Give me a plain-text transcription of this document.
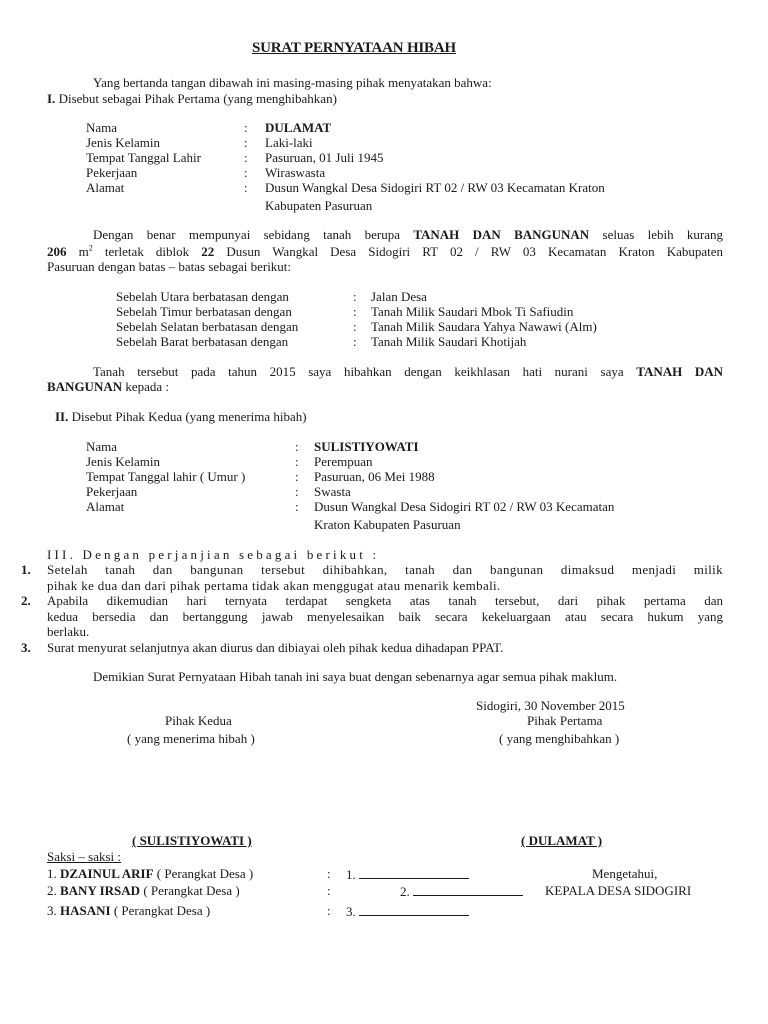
SURAT PERNYATAAN HIBAH
Yang bertanda tangan dibawah ini masing-masing pihak menyatakan bahwa:
I. Disebut sebagai Pihak Pertama (yang menghibahkan)
Nama	: DULAMAT
Jenis Kelamin	: Laki-laki
Tempat Tanggal Lahir	: Pasuruan, 01 Juli 1945
Pekerjaan	: Wiraswasta
Alamat	: Dusun Wangkal Desa Sidogiri RT 02 / RW 03 Kecamatan Kraton
Kabupaten Pasuruan
Dengan benar mempunyai sebidang tanah berupa TANAH DAN BANGUNAN seluas lebih kurang
206 $m^2$ terletak diblok 22 Dusun Wangkal Desa Sidogiri RT 02 / RW 03 Kecamatan Kraton Kabupaten
Pasuruan dengan batas – batas sebagai berikut:
Sebelah Utara berbatasan dengan	: Jalan Desa
Sebelah Timur berbatasan dengan	: Tanah Milik Saudari Mbok Ti Safiudin
Sebelah Selatan berbatasan dengan	: Tanah Milik Saudara Yahya Nawawi (Alm)
Sebelah Barat berbatasan dengan	: Tanah Milik Saudari Khotijah
Tanah tersebut pada tahun 2015 saya hibahkan dengan keikhlasan hati nurani saya TANAH DAN
BANGUNAN kepada :
II. Disebut Pihak Kedua (yang menerima hibah)
Nama	: SULISTIYOWATI
Jenis Kelamin	: Perempuan
Tempat Tanggal lahir ( Umur )	: Pasuruan, 06 Mei 1988
Pekerjaan	: Swasta
Alamat	: Dusun Wangkal Desa Sidogiri RT 02 / RW 03 Kecamatan
Kraton Kabupaten Pasuruan
III. Dengan perjanjian sebagai berikut :
1. Setelah tanah dan bangunan tersebut dihibahkan, tanah dan bangunan dimaksud menjadi milik
pihak ke dua dan dari pihak pertama tidak akan menggugat atau menarik kembali.
2. Apabila dikemudian hari ternyata terdapat sengketa atas tanah tersebut, dari pihak pertama dan
kedua bersedia dan bertanggung jawab menyelesaikan baik secara kekeluargaan atau secara hukum yang
berlaku.
3. Surat menyurat selanjutnya akan diurus dan dibiayai oleh pihak kedua dihadapan PPAT.
Demikian Surat Pernyataan Hibah tanah ini saya buat dengan sebenarnya agar semua pihak maklum.
Sidogiri, 30 November 2015
Pihak Kedua	Pihak Pertama
( yang menerima hibah )	( yang menghibahkan )
( SULISTIYOWATI )	( DULAMAT )
Saksi – saksi :
1. DZAINUL ARIF ( Perangkat Desa )	: 1.
2. BANY IRSAD ( Perangkat Desa )	:	2.
3. HASANI ( Perangkat Desa )	: 3.
Mengetahui,
KEPALA DESA SIDOGIRI
